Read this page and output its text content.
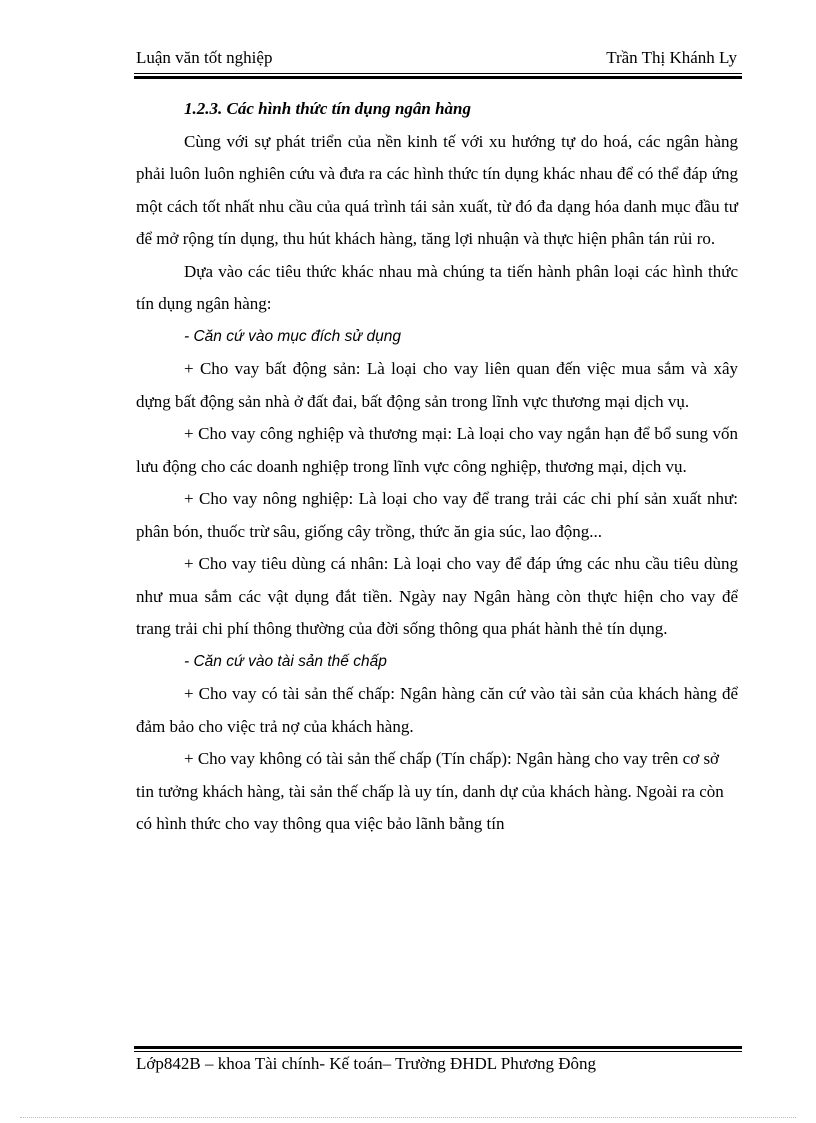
Luận văn tốt nghiệp	Trần Thị Khánh Ly

1.2.3. Các hình thức tín dụng ngân hàng

Cùng với sự phát triển của nền kinh tế với xu hướng tự do hoá, các ngân hàng phải luôn luôn nghiên cứu và đưa ra các hình thức tín dụng khác nhau để có thể đáp ứng một cách tốt nhất nhu cầu của quá trình tái sản xuất, từ đó đa dạng hóa danh mục đầu tư để mở rộng tín dụng, thu hút khách hàng, tăng lợi nhuận và thực hiện phân tán rủi ro.

Dựa vào các tiêu thức khác nhau mà chúng ta tiến hành phân loại các hình thức tín dụng ngân hàng:

- Căn cứ vào mục đích sử dụng

+ Cho vay bất động sản: Là loại cho vay liên quan đến việc mua sắm và xây dựng bất động sản nhà ở đất đai, bất động sản trong lĩnh vực thương mại dịch vụ.

+ Cho vay công nghiệp và thương mại: Là loại cho vay ngắn hạn để bổ sung vốn lưu động cho các doanh nghiệp trong lĩnh vực công nghiệp, thương mại, dịch vụ.

+ Cho vay nông nghiệp: Là loại cho vay để trang trải các chi phí sản xuất như: phân bón, thuốc trừ sâu, giống cây trồng, thức ăn gia súc, lao động...

+ Cho vay tiêu dùng cá nhân: Là loại cho vay để đáp ứng các nhu cầu tiêu dùng như mua sắm các vật dụng đắt tiền. Ngày nay Ngân hàng còn thực hiện cho vay để trang trải chi phí thông thường của đời sống thông qua phát hành thẻ tín dụng.

- Căn cứ vào tài sản thế chấp

+ Cho vay có tài sản thế chấp: Ngân hàng căn cứ vào tài sản của khách hàng để đảm bảo cho việc trả nợ của khách hàng.

+ Cho vay không có tài sản thế chấp (Tín chấp): Ngân hàng cho vay trên cơ sở tin tưởng khách hàng, tài sản thế chấp là uy tín, danh dự của khách hàng. Ngoài ra còn có hình thức cho vay thông qua việc bảo lãnh bằng tín

Lớp842B – khoa Tài chính- Kế toán– Trường ĐHDL Phương Đông
